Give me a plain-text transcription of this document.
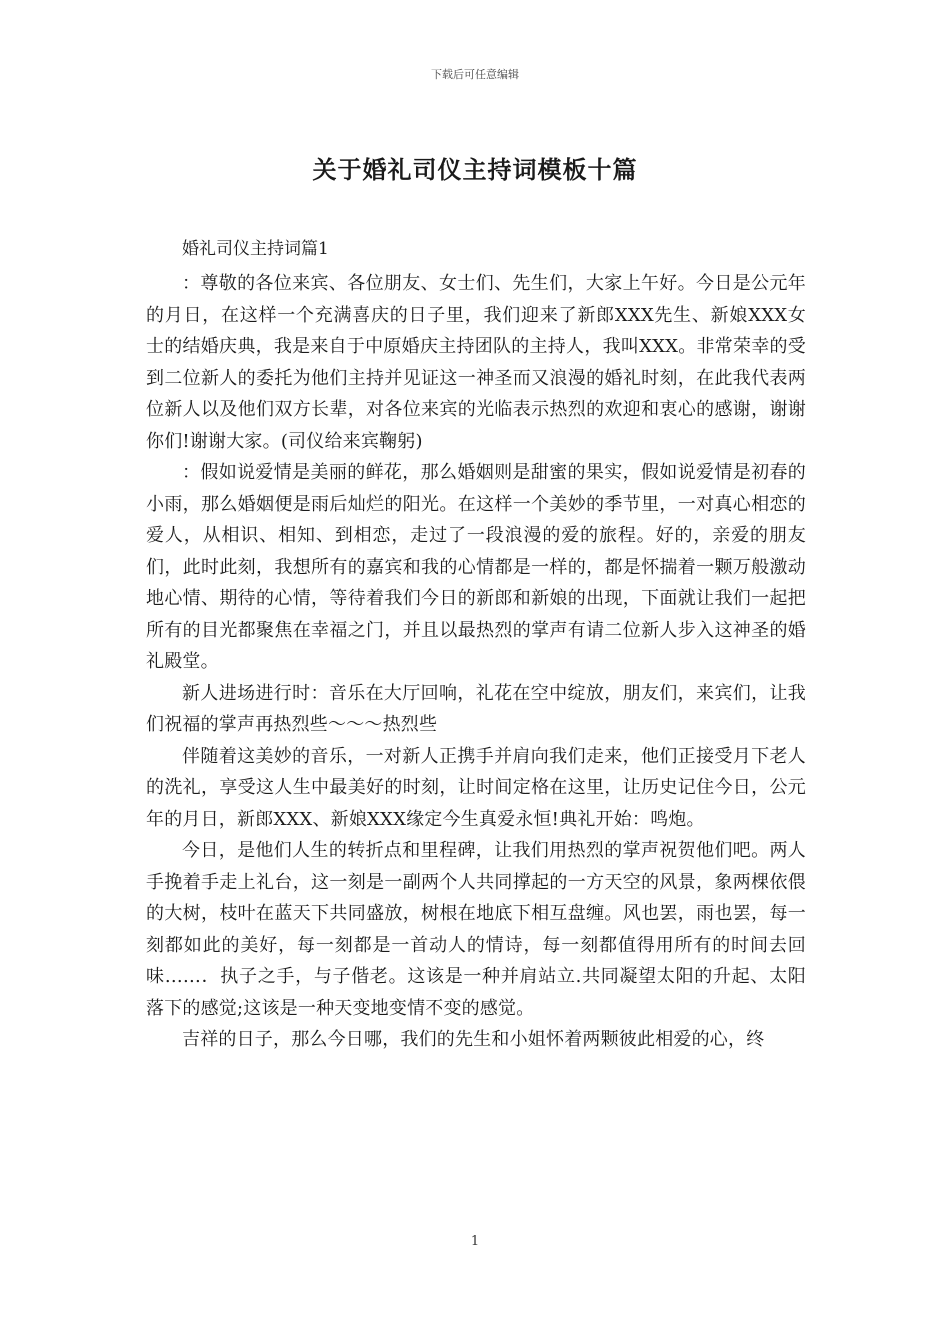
下载后可任意编辑
关于婚礼司仪主持词模板十篇
婚礼司仪主持词篇1

：尊敬的各位来宾、各位朋友、女士们、先生们，大家上午好。今日是公元年的月日，在这样一个充满喜庆的日子里，我们迎来了新郎XXX先生、新娘XXX女士的结婚庆典，我是来自于中原婚庆主持团队的主持人，我叫XXX。非常荣幸的受到二位新人的委托为他们主持并见证这一神圣而又浪漫的婚礼时刻，在此我代表两位新人以及他们双方长辈，对各位来宾的光临表示热烈的欢迎和衷心的感谢，谢谢你们!谢谢大家。(司仪给来宾鞠躬)

：假如说爱情是美丽的鲜花，那么婚姻则是甜蜜的果实，假如说爱情是初春的小雨，那么婚姻便是雨后灿烂的阳光。在这样一个美妙的季节里，一对真心相恋的爱人，从相识、相知、到相恋，走过了一段浪漫的爱的旅程。好的，亲爱的朋友们，此时此刻，我想所有的嘉宾和我的心情都是一样的，都是怀揣着一颗万般激动地心情、期待的心情，等待着我们今日的新郎和新娘的出现，下面就让我们一起把所有的目光都聚焦在幸福之门，并且以最热烈的掌声有请二位新人步入这神圣的婚礼殿堂。

新人进场进行时：音乐在大厅回响，礼花在空中绽放，朋友们，来宾们，让我们祝福的掌声再热烈些～～～热烈些

伴随着这美妙的音乐，一对新人正携手并肩向我们走来，他们正接受月下老人的洗礼，享受这人生中最美好的时刻，让时间定格在这里，让历史记住今日，公元年的月日，新郎XXX、新娘XXX缘定今生真爱永恒!典礼开始：鸣炮。

今日，是他们人生的转折点和里程碑，让我们用热烈的掌声祝贺他们吧。两人手挽着手走上礼台，这一刻是一副两个人共同撑起的一方天空的风景，象两棵依偎的大树，枝叶在蓝天下共同盛放，树根在地底下相互盘缠。风也罢，雨也罢，每一刻都如此的美好，每一刻都是一首动人的情诗，每一刻都值得用所有的时间去回味……．执子之手，与子偕老。这该是一种并肩站立.共同凝望太阳的升起、太阳落下的感觉;这该是一种天变地变情不变的感觉。

吉祥的日子，那么今日哪，我们的先生和小姐怀着两颗彼此相爱的心，终

1
